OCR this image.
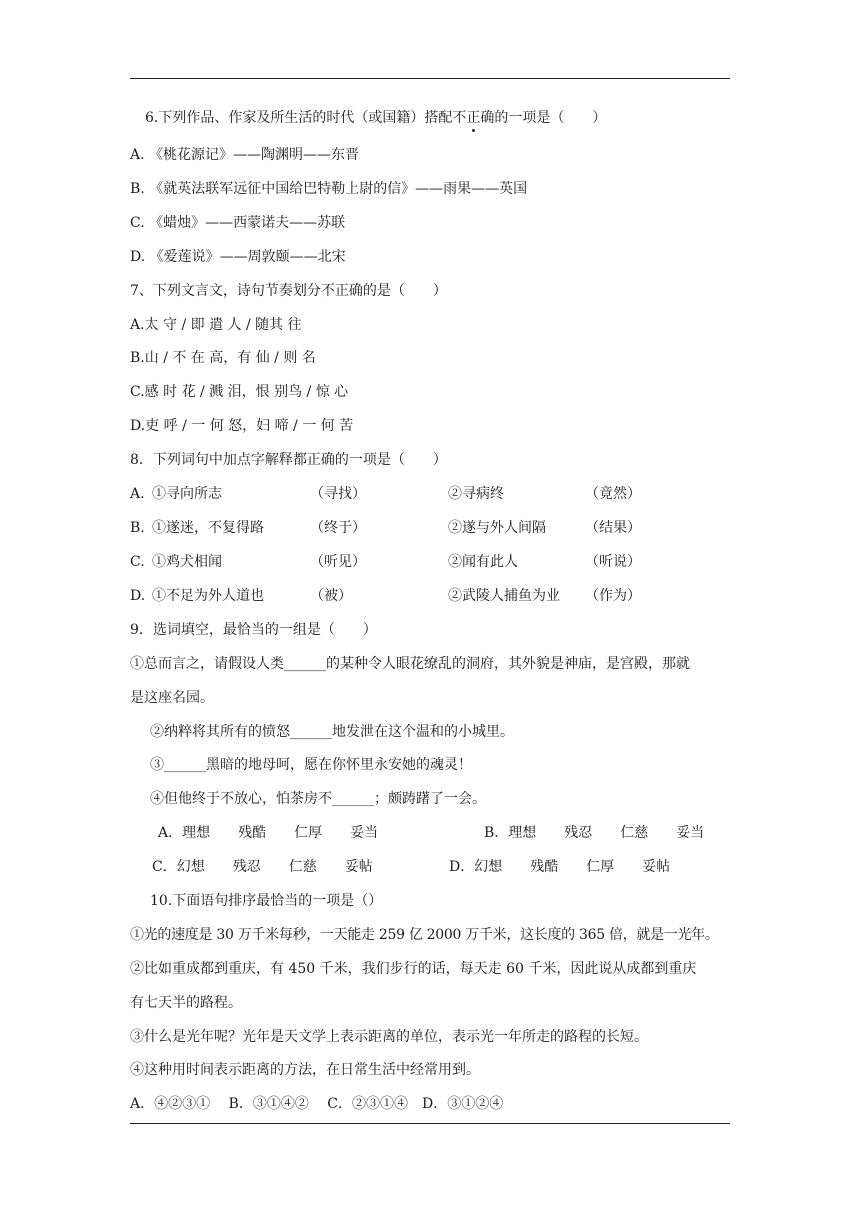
6.下列作品、作家及所生活的时代（或国籍）搭配不正确的一项是（　　）
A. 《桃花源记》——陶渊明——东晋
B. 《就英法联军远征中国给巴特勒上尉的信》——雨果——英国
C. 《蜡烛》——西蒙诺夫——苏联
D. 《爱莲说》——周敦颐——北宋
7、下列文言文，诗句节奏划分不正确的是（　　）
A.太 守 / 即 遣 人 / 随其 往
B.山 / 不 在 高，有 仙 / 则 名
C.感 时 花 / 溅 泪，恨 别鸟 / 惊 心
D.吏 呼 / 一 何 怒，妇 啼 / 一 何 苦
8．下列词句中加点字解释都正确的一项是（　　）
A. ①寻向所志	（寻找）	②寻病终	（竟然）
B. ①遂迷，不复得路	（终于）	②遂与外人间隔	（结果）
C. ①鸡犬相闻	（听见）	②闻有此人	（听说）
D. ①不足为外人道也	（被）	②武陵人捕鱼为业 （作为）
9．选词填空，最恰当的一组是（　　）
①总而言之，请假设人类______的某种令人眼花缭乱的洞府，其外貌是神庙，是宫殿，那就
是这座名园。
②纳粹将其所有的愤怒______地发泄在这个温和的小城里。
③______黑暗的地母呵，愿在你怀里永安她的魂灵！
④但他终于不放心，怕茶房不______；颇踌躇了一会。
A．理想　　残酷　　仁厚　　妥当	B．理想　　残忍　　仁慈　　妥当
C．幻想　　残忍　　仁慈　　妥帖	D．幻想　　残酷　　仁厚　　妥帖
10.下面语句排序最恰当的一项是（）
①光的速度是 30 万千米每秒，一天能走 259 亿 2000 万千米，这长度的 365 倍，就是一光年。
②比如重成都到重庆，有 450 千米，我们步行的话，每天走 60 千米，因此说从成都到重庆
有七天半的路程。
③什么是光年呢？光年是天文学上表示距离的单位，表示光一年所走的路程的长短。
④这种用时间表示距离的方法，在日常生活中经常用到。
A．④②③①　 B．③①④②　 C．②③①④　D．③①②④
